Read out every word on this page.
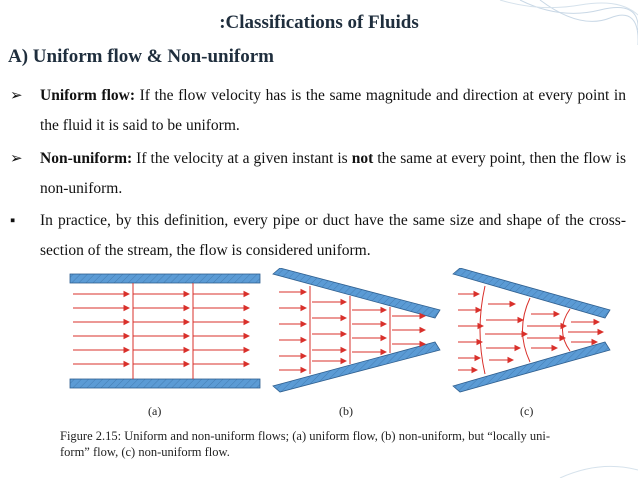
:Classifications of Fluids
A) Uniform flow & Non-uniform
➢	Uniform flow: If the flow velocity has is the same magnitude and direction at every point in the fluid it is said to be uniform.
➢	Non-uniform: If the velocity at a given instant is not the same at every point, then the flow is non-uniform.
▪	In practice, by this definition, every pipe or duct have the same size and shape of the cross-section of the stream, the flow is considered uniform.
(a)	(b)	(c)
Figure 2.15: Uniform and non-uniform flows; (a) uniform flow, (b) non-uniform, but “locally uni-
form” flow, (c) non-uniform flow.
